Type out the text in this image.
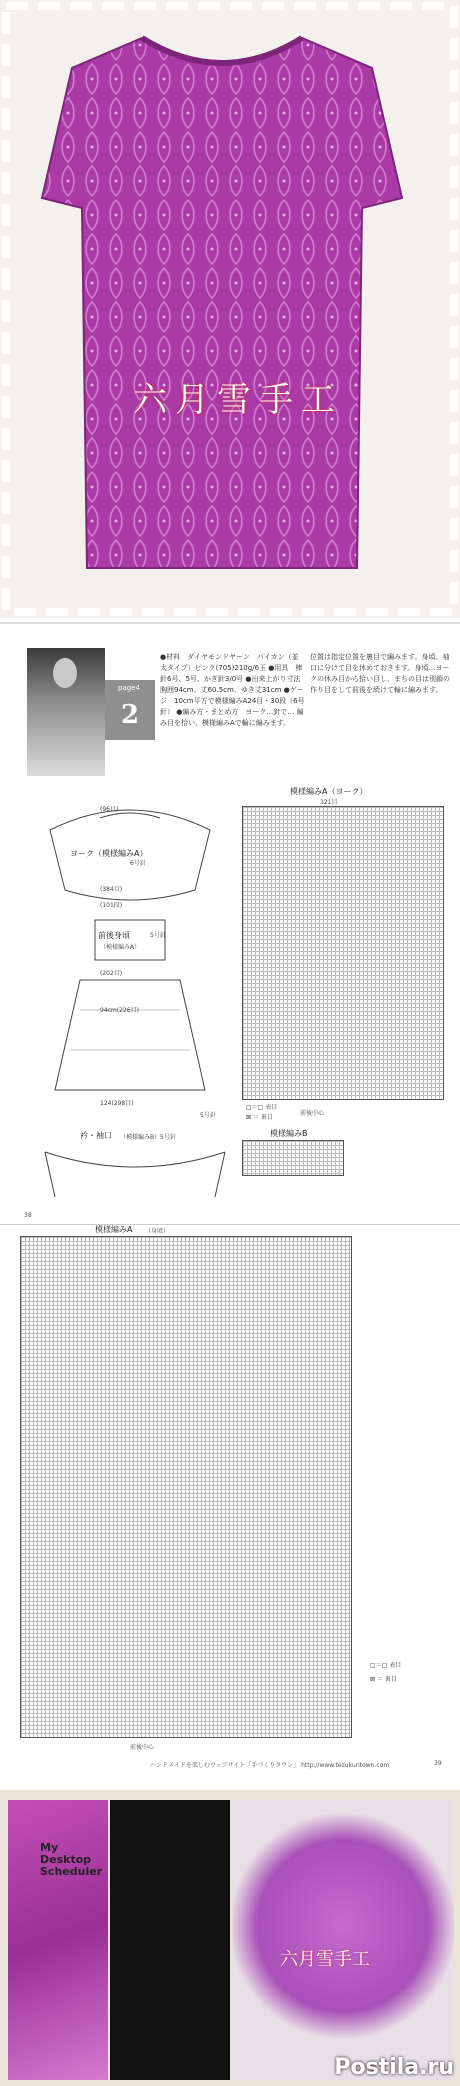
六月雪手工
page4
2
●材料　ダイヤモンドヤーン　パイカン（並太タイプ）ピンク(705)210g/6玉 ●用具　棒針6号、5号、かぎ針3/0号 ●出来上がり寸法　胸囲94cm、丈60.5cm、ゆき丈31cm ●ゲージ　10cm平方で模様編みA24目・30段（6号針） ●編み方・まとめ方　ヨーク…針で… 編み目を拾い、模様編みAで輪に編みます。
位置は指定位置を裏目で編みます。身頃、袖口に分けて目を休めておきます。身頃…ヨークの休み目から拾い目し、まちの目は別鎖の作り目をして前後を続けて輪に編みます。
ヨーク（模様編みA）
6号針
(96目)
(384目)
(101段)
前後身頃
（模様編みA）
5号針
(202目)
94cm(226目)
124(298目)
5号針
衿・袖口 （模様編みB） 5号針
38
模様編みA（ヨーク）
321目
□＝□ 表目
⊠ ＝ 裏目
前後中心
模様編みB
模様編みA （身頃）
□＝□ 表目
⊠ ＝ 裏目
前後中心
ハンドメイドを楽しむウェブサイト「手づくりタウン」 http://www.tezukuritown.com	39
My
Desktop
Scheduler
六月雪手工
Postila.ru
